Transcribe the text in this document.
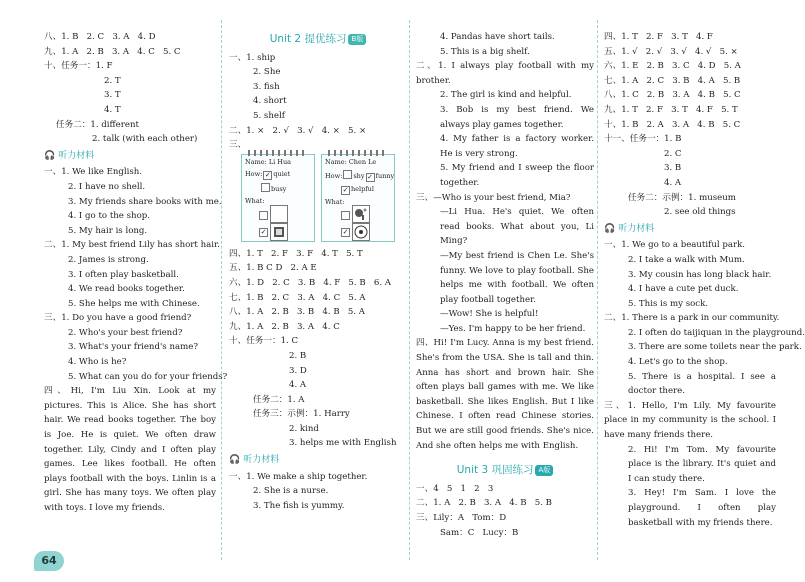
八、1. B   2. C   3. A   4. D
九、1. A   2. B   3. A   4. C   5. C
十、任务一：1. F
2. T
3. T
4. T
任务二：1. different
2. talk (with each other)
🎧 听力材料
一、1. We like English.
2. I have no shell.
3. My friends share books with me.
4. I go to the shop.
5. My hair is long.
二、1. My best friend Lily has short hair.
2. James is strong.
3. I often play basketball.
4. We read books together.
5. She helps me with Chinese.
三、1. Do you have a good friend?
2. Who's your best friend?
3. What's your friend's name?
4. Who is he?
5. What can you do for your friends?
四、Hi, I'm Liu Xin. Look at my pictures. This is Alice. She has short hair. We read books together. The boy is Joe. He is quiet. We often draw together. Lily, Cindy and I often play games. Lee likes football. He often plays football with the boys. Linlin is a girl. She has many toys. We often play with toys. I love my friends.
Unit 2 提优练习 B版
一、1. ship
2. She
3. fish
4. short
5. shelf
二、1. ×   2. √   3. √   4. ×   5. ×
三、
Name: Li Hua
How: ✓ quiet
busy
What:
✓
Name: Chen Le
How: shy ✓ funny
✓ helpful
What:
✓
四、1. T   2. F   3. F   4. T   5. T
五、1. B C D   2. A E
六、1. D   2. C   3. B   4. F   5. B   6. A
七、1. B   2. C   3. A   4. C   5. A
八、1. A   2. B   3. B   4. B   5. A
九、1. A   2. B   3. A   4. C
十、任务一：1. C
2. B
3. D
4. A
任务二：1. A
任务三：示例：1. Harry
2. kind
3. helps me with English
🎧 听力材料
一、1. We make a ship together.
2. She is a nurse.
3. The fish is yummy.
4. Pandas have short tails.
5. This is a big shelf.
二、1. I always play football with my brother.
2. The girl is kind and helpful.
3. Bob is my best friend. We always play games together.
4. My father is a factory worker. He is very strong.
5. My friend and I sweep the floor together.
三、—Who is your best friend, Mia?
—Li Hua. He's quiet. We often read books. What about you, Li Ming?
—My best friend is Chen Le. She's funny. We love to play football. She helps me with football. We often play football together.
—Wow! She is helpful!
—Yes. I'm happy to be her friend.
四、Hi! I'm Lucy. Anna is my best friend. She's from the USA. She is tall and thin. Anna has short and brown hair. She often plays ball games with me. We like basketball. She likes English. But I like Chinese. I often read Chinese stories. But we are still good friends. She's nice. And she often helps me with English.
Unit 3 巩固练习 A版
一、4   5   1   2   3
二、1. A   2. B   3. A   4. B   5. B
三、Lily：A   Tom：D
Sam：C   Lucy：B
四、1. T   2. F   3. T   4. F
五、1. √   2. √   3. √   4. √   5. ×
六、1. E   2. B   3. C   4. D   5. A
七、1. A   2. C   3. B   4. A   5. B
八、1. C   2. B   3. A   4. B   5. C
九、1. T   2. F   3. T   4. F   5. T
十、1. B   2. A   3. A   4. B   5. C
十一、任务一：1. B
2. C
3. B
4. A
任务二：示例：1. museum
2. see old things
🎧 听力材料
一、1. We go to a beautiful park.
2. I take a walk with Mum.
3. My cousin has long black hair.
4. I have a cute pet duck.
5. This is my sock.
二、1. There is a park in our community.
2. I often do taijiquan in the playground.
3. There are some toilets near the park.
4. Let's go to the shop.
5. There is a hospital. I see a doctor there.
三、1. Hello, I'm Lily. My favourite place in my community is the school. I have many friends there.
2. Hi! I'm Tom. My favourite place is the library. It's quiet and I can study there.
3. Hey! I'm Sam. I love the playground. I often play basketball with my friends there.
64
